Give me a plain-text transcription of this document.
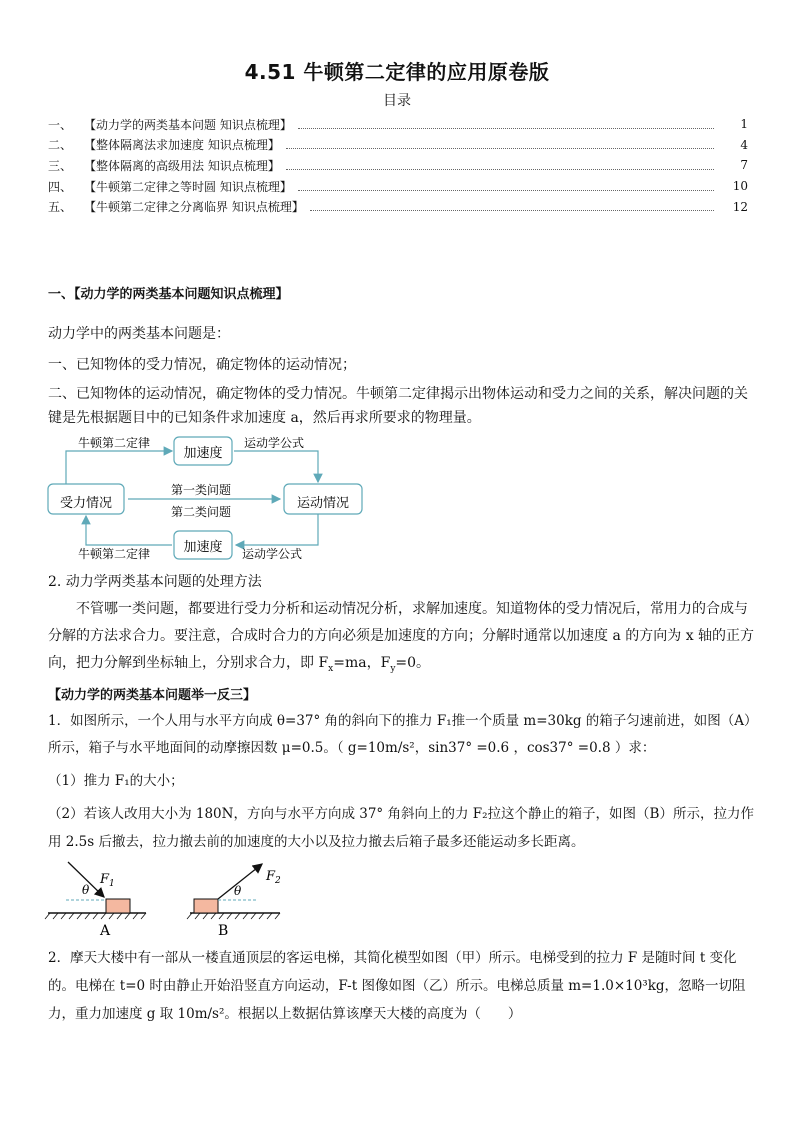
4.51 牛顿第二定律的应用原卷版
目录
一、 【动力学的两类基本问题 知识点梳理】	1
二、 【整体隔离法求加速度 知识点梳理】	4
三、 【整体隔离的高级用法 知识点梳理】	7
四、 【牛顿第二定律之等时圆 知识点梳理】	10
五、 【牛顿第二定律之分离临界 知识点梳理】	12
一、【动力学的两类基本问题知识点梳理】
动力学中的两类基本问题是：
一、已知物体的受力情况，确定物体的运动情况；
二、已知物体的运动情况，确定物体的受力情况。牛顿第二定律揭示出物体运动和受力之间的关系，解决问题的关键是先根据题目中的已知条件求加速度 a，然后再求所要求的物理量。
受力情况	运动情况
加速度
加速度
牛顿第二定律	运动学公式
第一类问题
第二类问题
牛顿第二定律	运动学公式
2. 动力学两类基本问题的处理方法
不管哪一类问题，都要进行受力分析和运动情况分析，求解加速度。知道物体的受力情况后，常用力的合成与分解的方法求合力。要注意，合成时合力的方向必须是加速度的方向；分解时通常以加速度 a 的方向为 x 轴的正方向，把力分解到坐标轴上，分别求合力，即 $F_x=ma$，$F_y=0$。
【动力学的两类基本问题举一反三】
1．如图所示，一个人用与水平方向成 θ=37° 角的斜向下的推力 F₁推一个质量 m=30kg 的箱子匀速前进，如图（A）所示，箱子与水平地面间的动摩擦因数 μ=0.5。（ g=10m/s²，sin37° =0.6 ，cos37° =0.8 ）求：
（1）推力 F₁的大小；
（2）若该人改用大小为 180N，方向与水平方向成 37° 角斜向上的力 F₂拉这个静止的箱子，如图（B）所示，拉力作用 2.5s 后撤去，拉力撤去前的加速度的大小以及拉力撤去后箱子最多还能运动多长距离。
θ
$F_1$
A
θ
$F_2$
B
2．摩天大楼中有一部从一楼直通顶层的客运电梯，其简化模型如图（甲）所示。电梯受到的拉力 F 是随时间 t 变化的。电梯在 t=0 时由静止开始沿竖直方向运动，F-t 图像如图（乙）所示。电梯总质量 m=1.0×10³kg，忽略一切阻力，重力加速度 g 取 10m/s²。根据以上数据估算该摩天大楼的高度为（　　）
